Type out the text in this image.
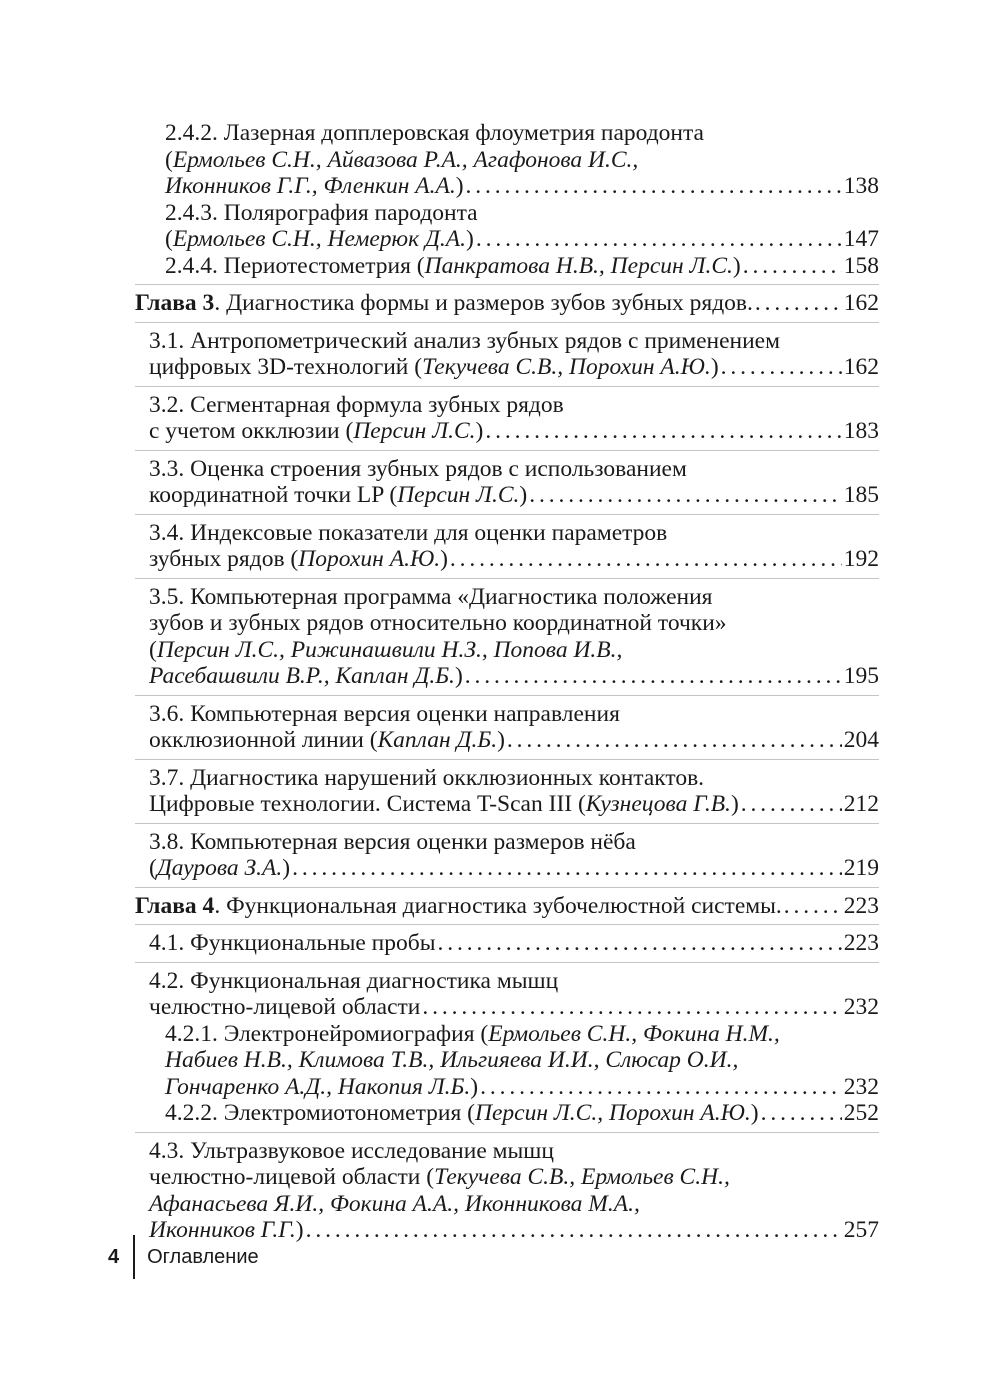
2.4.2. Лазерная допплеровская флоуметрия пародонта
(Ермольев С.Н., Айвазова Р.А., Агафонова И.С.,
Иконников Г.Г., Фленкин А.А.) . . .	138
2.4.3. Полярография пародонта
(Ермольев С.Н., Немерюк Д.А.) . . .	147
2.4.4. Периотестометрия (Панкратова Н.В., Персин Л.С.) . . .	158
Глава 3. Диагностика формы и размеров зубов зубных рядов. . . .	162
3.1. Антропометрический анализ зубных рядов с применением
цифровых 3D-технологий (Текучева С.В., Порохин А.Ю.) . . .	162
3.2. Сегментарная формула зубных рядов
с учетом окклюзии (Персин Л.С.) . . .	183
3.3. Оценка строения зубных рядов с использованием
координатной точки LP (Персин Л.С.) . . .	185
3.4. Индексовые показатели для оценки параметров
зубных рядов (Порохин А.Ю.) . . .	192
3.5. Компьютерная программа «Диагностика положения
зубов и зубных рядов относительно координатной точки»
(Персин Л.С., Рижинашвили Н.З., Попова И.В.,
Расебашвили В.Р., Каплан Д.Б.) . . .	195
3.6. Компьютерная версия оценки направления
окклюзионной линии (Каплан Д.Б.) . . .	204
3.7. Диагностика нарушений окклюзионных контактов.
Цифровые технологии. Система T-Scan III (Кузнецова Г.В.) . . .	212
3.8. Компьютерная версия оценки размеров нёба
(Даурова З.А.) . . .	219
Глава 4. Функциональная диагностика зубочелюстной системы. . . .	223
4.1. Функциональные пробы . . .	223
4.2. Функциональная диагностика мышц
челюстно-лицевой области . . .	232
4.2.1. Электронейромиография (Ермольев С.Н., Фокина Н.М.,
Набиев Н.В., Климова Т.В., Ильгияева И.И., Слюсар О.И.,
Гончаренко А.Д., Накопия Л.Б.) . . .	232
4.2.2. Электромиотонометрия (Персин Л.С., Порохин А.Ю.) . . .	252
4.3. Ультразвуковое исследование мышц
челюстно-лицевой области (Текучева С.В., Ермольев С.Н.,
Афанасьева Я.И., Фокина А.А., Иконникова М.А.,
Иконников Г.Г.) . . .	257
4	Оглавление
